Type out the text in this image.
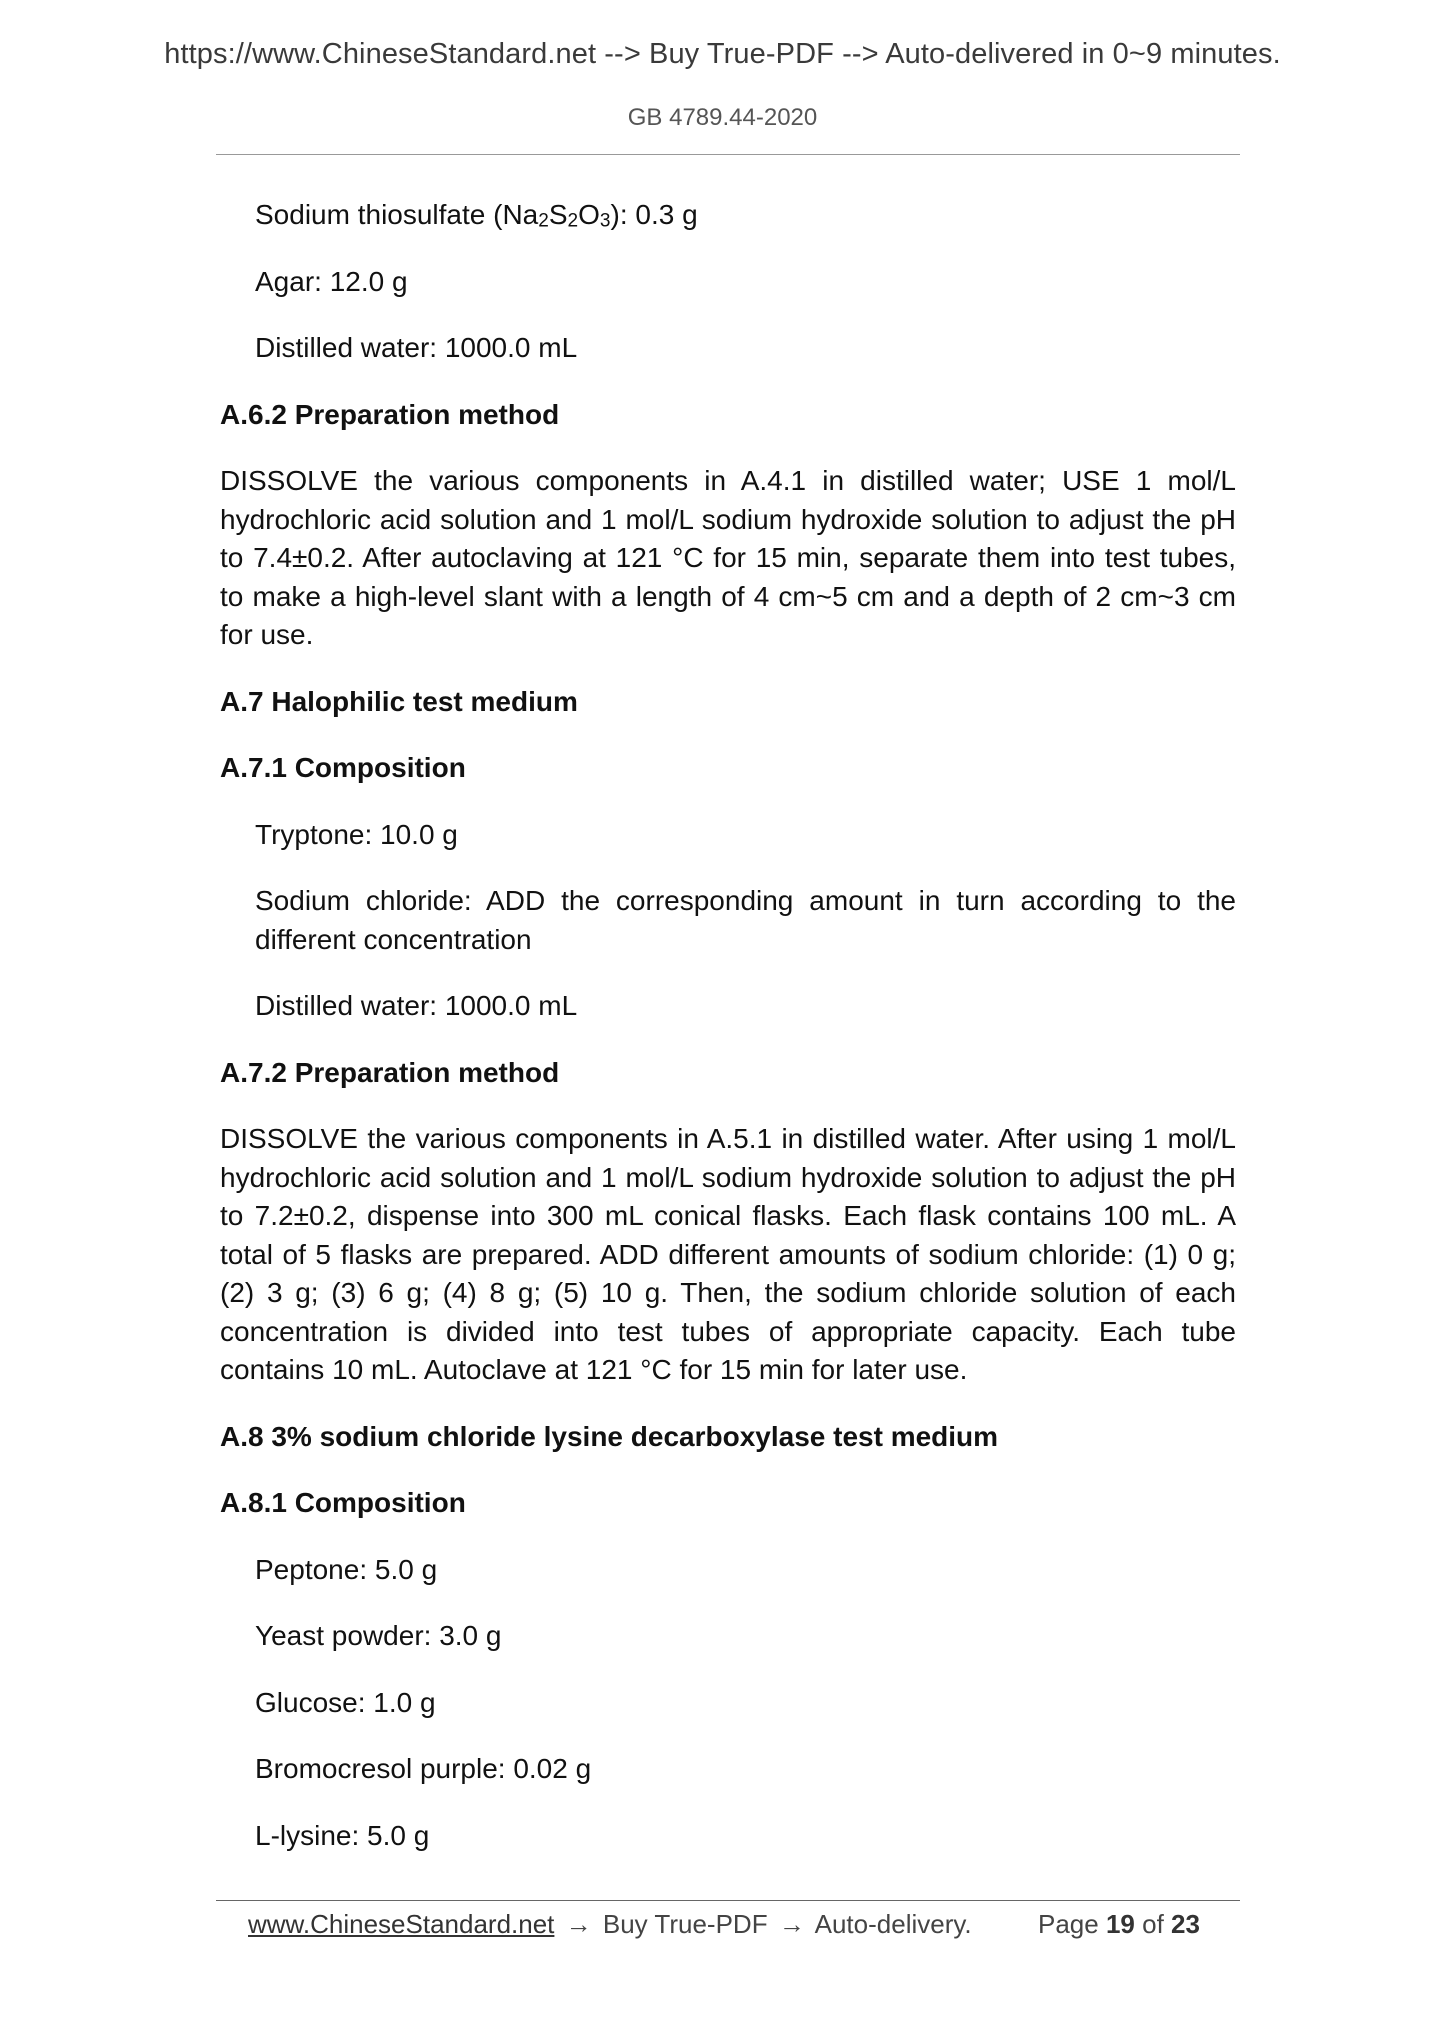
https://www.ChineseStandard.net --> Buy True-PDF --> Auto-delivered in 0~9 minutes.
GB 4789.44-2020

Sodium thiosulfate $(Na_2S_2O_3)$: 0.3 g

Agar: 12.0 g

Distilled water: 1000.0 mL

A.6.2 Preparation method

DISSOLVE the various components in A.4.1 in distilled water; USE 1 mol/L hydrochloric acid solution and 1 mol/L sodium hydroxide solution to adjust the pH to 7.4±0.2. After autoclaving at 121 °C for 15 min, separate them into test tubes, to make a high-level slant with a length of 4 cm~5 cm and a depth of 2 cm~3 cm for use.

A.7 Halophilic test medium

A.7.1 Composition

Tryptone: 10.0 g

Sodium chloride: ADD the corresponding amount in turn according to the different concentration

Distilled water: 1000.0 mL

A.7.2 Preparation method

DISSOLVE the various components in A.5.1 in distilled water. After using 1 mol/L hydrochloric acid solution and 1 mol/L sodium hydroxide solution to adjust the pH to 7.2±0.2, dispense into 300 mL conical flasks. Each flask contains 100 mL. A total of 5 flasks are prepared. ADD different amounts of sodium chloride: (1) 0 g; (2) 3 g; (3) 6 g; (4) 8 g; (5) 10 g. Then, the sodium chloride solution of each concentration is divided into test tubes of appropriate capacity. Each tube contains 10 mL. Autoclave at 121 °C for 15 min for later use.

A.8 3% sodium chloride lysine decarboxylase test medium

A.8.1 Composition

Peptone: 5.0 g

Yeast powder: 3.0 g

Glucose: 1.0 g

Bromocresol purple: 0.02 g

L-lysine: 5.0 g

www.ChineseStandard.net → Buy True-PDF → Auto-delivery.	Page 19 of 23
